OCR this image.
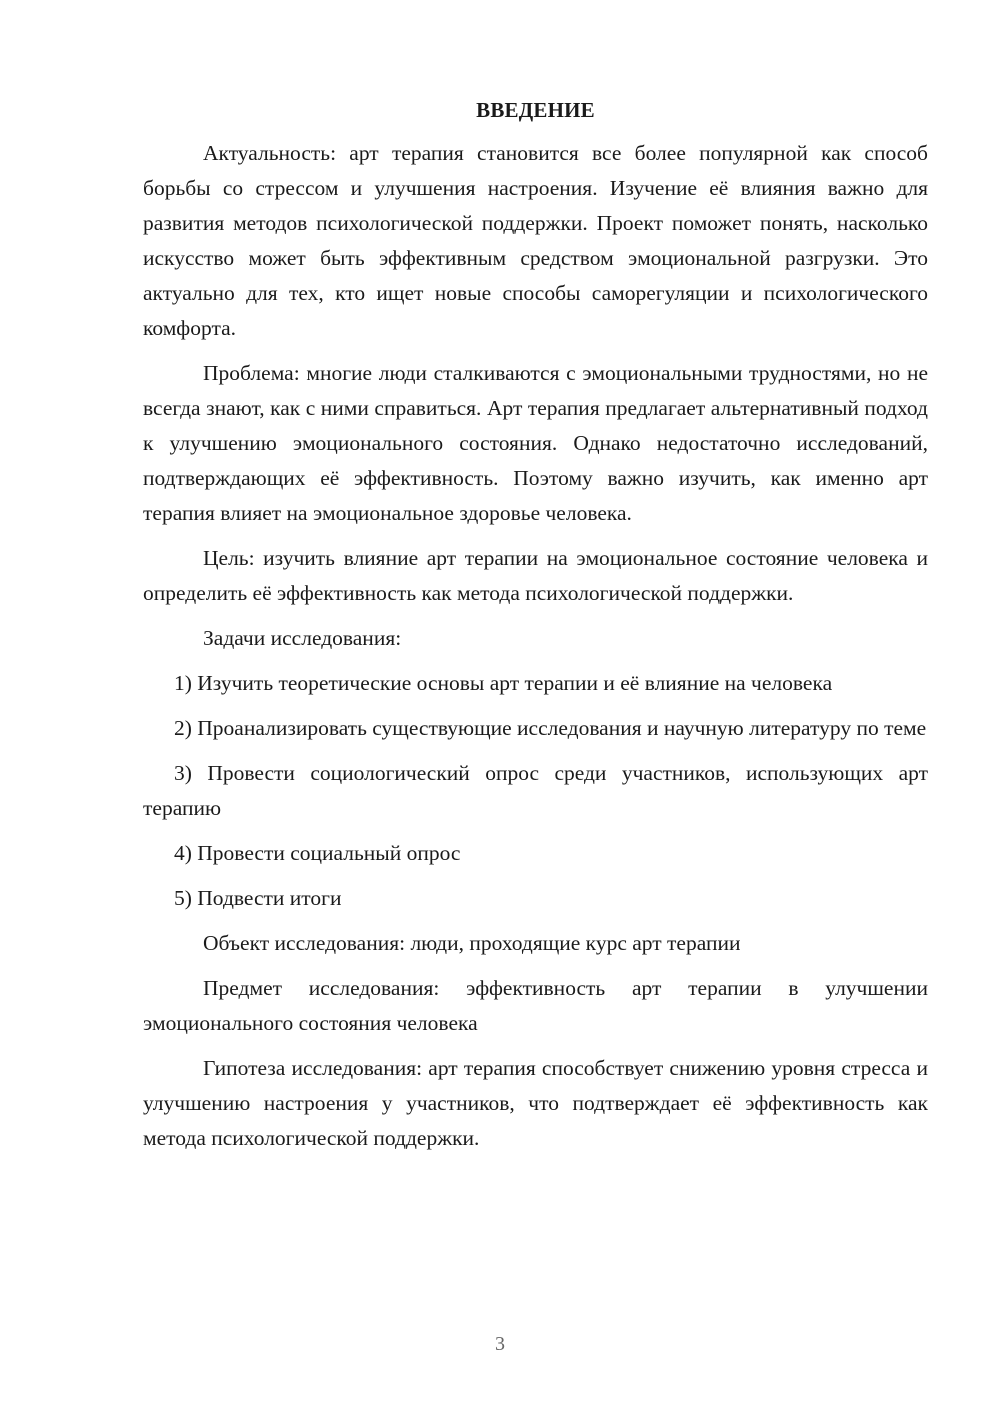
ВВЕДЕНИЕ

Актуальность: арт терапия становится все более популярной как способ борьбы со стрессом и улучшения настроения. Изучение её влияния важно для развития методов психологической поддержки. Проект поможет понять, насколько искусство может быть эффективным средством эмоциональной разгрузки. Это актуально для тех, кто ищет новые способы саморегуляции и психологического комфорта.

Проблема: многие люди сталкиваются с эмоциональными трудностями, но не всегда знают, как с ними справиться. Арт терапия предлагает альтернативный подход к улучшению эмоционального состояния. Однако недостаточно исследований, подтверждающих её эффективность. Поэтому важно изучить, как именно арт терапия влияет на эмоциональное здоровье человека.

Цель: изучить влияние арт терапии на эмоциональное состояние человека и определить её эффективность как метода психологической поддержки.

Задачи исследования:

1) Изучить теоретические основы арт терапии и её влияние на человека

2) Проанализировать существующие исследования и научную литературу по теме

3) Провести социологический опрос среди участников, использующих арт терапию

4) Провести социальный опрос

5) Подвести итоги

Объект исследования: люди, проходящие курс арт терапии

Предмет исследования: эффективность арт терапии в улучшении эмоционального состояния человека

Гипотеза исследования: арт терапия способствует снижению уровня стресса и улучшению настроения у участников, что подтверждает её эффективность как метода психологической поддержки.

3
